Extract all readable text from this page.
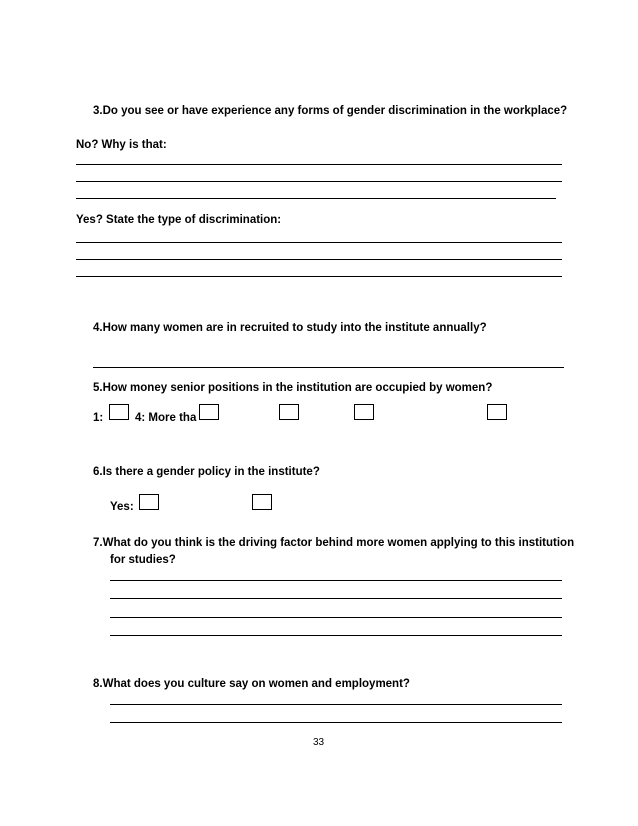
3.Do you see or have experience any forms of gender discrimination in the workplace?
No? Why is that:
Yes? State the type of discrimination:
4.How many women are in recruited to study into the institute annually?
5.How money senior positions in the institution are occupied by women?
1:	4: More tha
6.Is there a gender policy in the institute?
Yes:
7.What do you think is the driving factor behind more women applying to this institution
for studies?
8.What does you culture say on women and employment?
33
